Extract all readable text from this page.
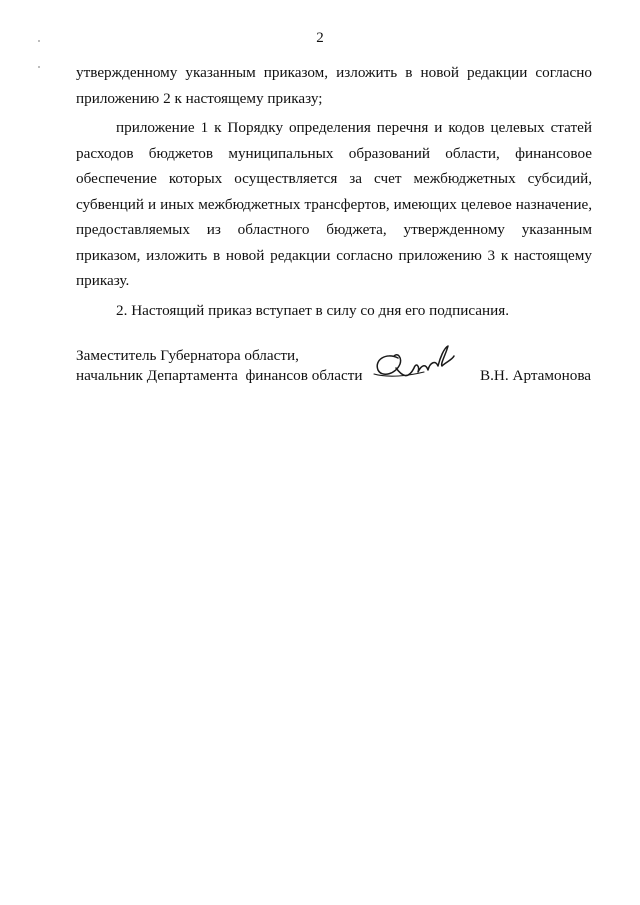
2

утвержденному указанным приказом, изложить в новой редакции согласно приложению 2 к настоящему приказу;

приложение 1 к Порядку определения перечня и кодов целевых статей расходов бюджетов муниципальных образований области, финансовое обеспечение которых осуществляется за счет межбюджетных субсидий, субвенций и иных межбюджетных трансфертов, имеющих целевое назначение, предоставляемых из областного бюджета, утвержденному указанным приказом, изложить в новой редакции согласно приложению 3 к настоящему приказу.

2. Настоящий приказ вступает в силу со дня его подписания.

Заместитель Губернатора области,
начальник Департамента  финансов области	В.Н. Артамонова
